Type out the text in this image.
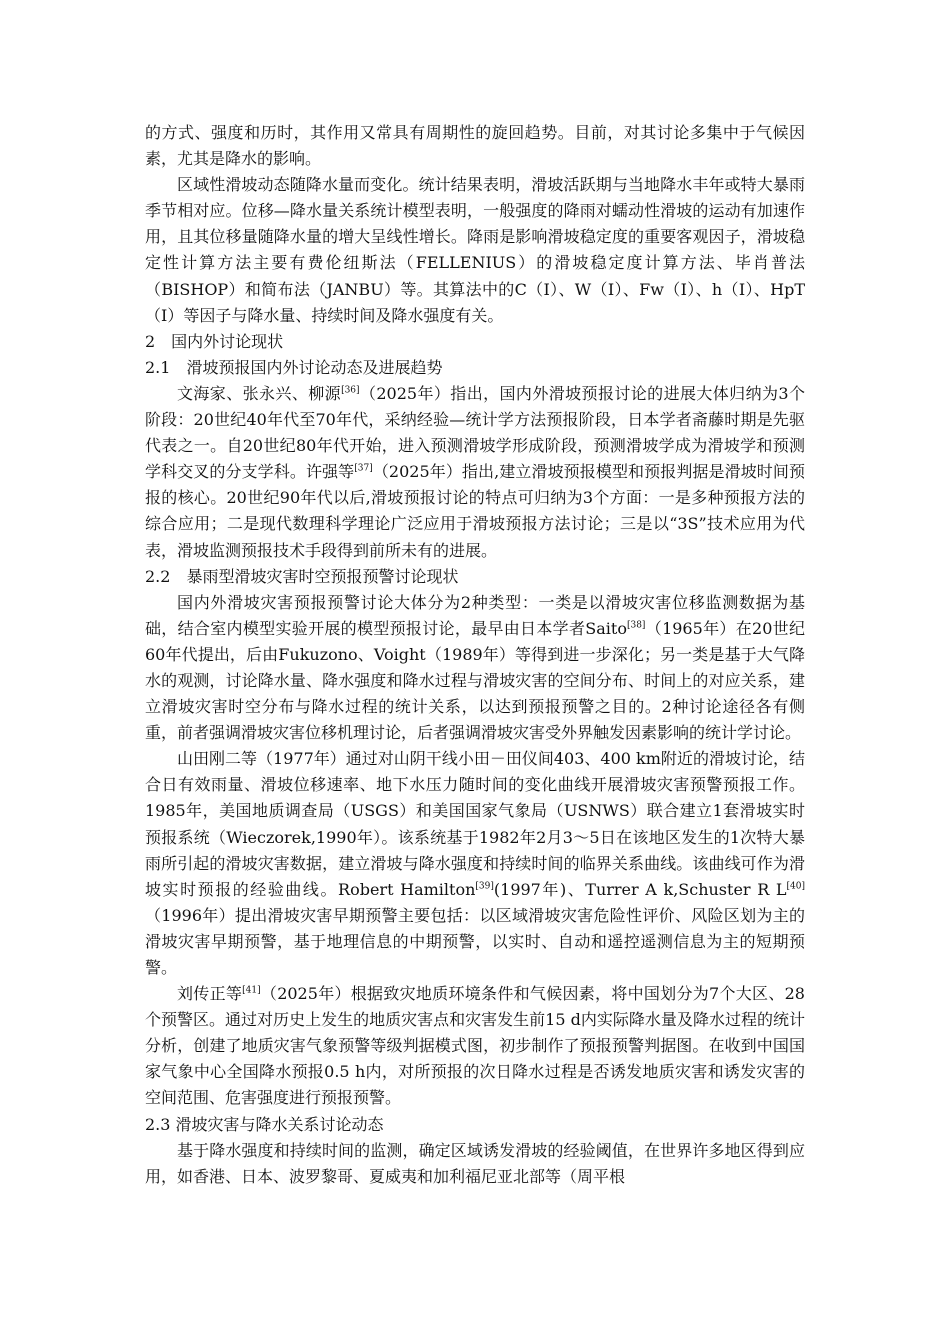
的方式、强度和历时，其作用又常具有周期性的旋回趋势。目前，对其讨论多集中于气候因素，尤其是降水的影响。

区域性滑坡动态随降水量而变化。统计结果表明，滑坡活跃期与当地降水丰年或特大暴雨季节相对应。位移—降水量关系统计模型表明，一般强度的降雨对蠕动性滑坡的运动有加速作用，且其位移量随降水量的增大呈线性增长。降雨是影响滑坡稳定度的重要客观因子，滑坡稳定性计算方法主要有费伦纽斯法（FELLENIUS）的滑坡稳定度计算方法、毕肖普法（BISHOP）和简布法（JANBU）等。其算法中的C（I）、W（I）、Fw（I）、h（I）、HpT（I）等因子与降水量、持续时间及降水强度有关。

2　国内外讨论现状
2.1　滑坡预报国内外讨论动态及进展趋势

文海家、张永兴、柳源[36]（2025年）指出，国内外滑坡预报讨论的进展大体归纳为3个阶段：20世纪40年代至70年代，采纳经验—统计学方法预报阶段，日本学者斋藤时期是先驱代表之一。自20世纪80年代开始，进入预测滑坡学形成阶段，预测滑坡学成为滑坡学和预测学科交叉的分支学科。许强等[37]（2025年）指出,建立滑坡预报模型和预报判据是滑坡时间预报的核心。20世纪90年代以后,滑坡预报讨论的特点可归纳为3个方面：一是多种预报方法的综合应用；二是现代数理科学理论广泛应用于滑坡预报方法讨论；三是以“3S”技术应用为代表，滑坡监测预报技术手段得到前所未有的进展。

2.2　暴雨型滑坡灾害时空预报预警讨论现状

国内外滑坡灾害预报预警讨论大体分为2种类型：一类是以滑坡灾害位移监测数据为基础，结合室内模型实验开展的模型预报讨论，最早由日本学者Saito[38]（1965年）在20世纪60年代提出，后由Fukuzono、Voight（1989年）等得到进一步深化；另一类是基于大气降水的观测，讨论降水量、降水强度和降水过程与滑坡灾害的空间分布、时间上的对应关系，建立滑坡灾害时空分布与降水过程的统计关系，以达到预报预警之目的。2种讨论途径各有侧重，前者强调滑坡灾害位移机理讨论，后者强调滑坡灾害受外界触发因素影响的统计学讨论。

山田刚二等（1977年）通过对山阴干线小田－田仪间403、400 km附近的滑坡讨论，结合日有效雨量、滑坡位移速率、地下水压力随时间的变化曲线开展滑坡灾害预警预报工作。1985年，美国地质调查局（USGS）和美国国家气象局（USNWS）联合建立1套滑坡实时预报系统（Wieczorek,1990年）。该系统基于1982年2月3～5日在该地区发生的1次特大暴雨所引起的滑坡灾害数据，建立滑坡与降水强度和持续时间的临界关系曲线。该曲线可作为滑坡实时预报的经验曲线。Robert Hamilton[39](1997年)、Turrer A k,Schuster R L[40]（1996年）提出滑坡灾害早期预警主要包括：以区域滑坡灾害危险性评价、风险区划为主的滑坡灾害早期预警，基于地理信息的中期预警，以实时、自动和遥控遥测信息为主的短期预警。

刘传正等[41]（2025年）根据致灾地质环境条件和气候因素，将中国划分为7个大区、28个预警区。通过对历史上发生的地质灾害点和灾害发生前15 d内实际降水量及降水过程的统计分析，创建了地质灾害气象预警等级判据模式图，初步制作了预报预警判据图。在收到中国国家气象中心全国降水预报0.5 h内，对所预报的次日降水过程是否诱发地质灾害和诱发灾害的空间范围、危害强度进行预报预警。

2.3 滑坡灾害与降水关系讨论动态

基于降水强度和持续时间的监测，确定区域诱发滑坡的经验阈值，在世界许多地区得到应用，如香港、日本、波罗黎哥、夏威夷和加利福尼亚北部等（周平根
